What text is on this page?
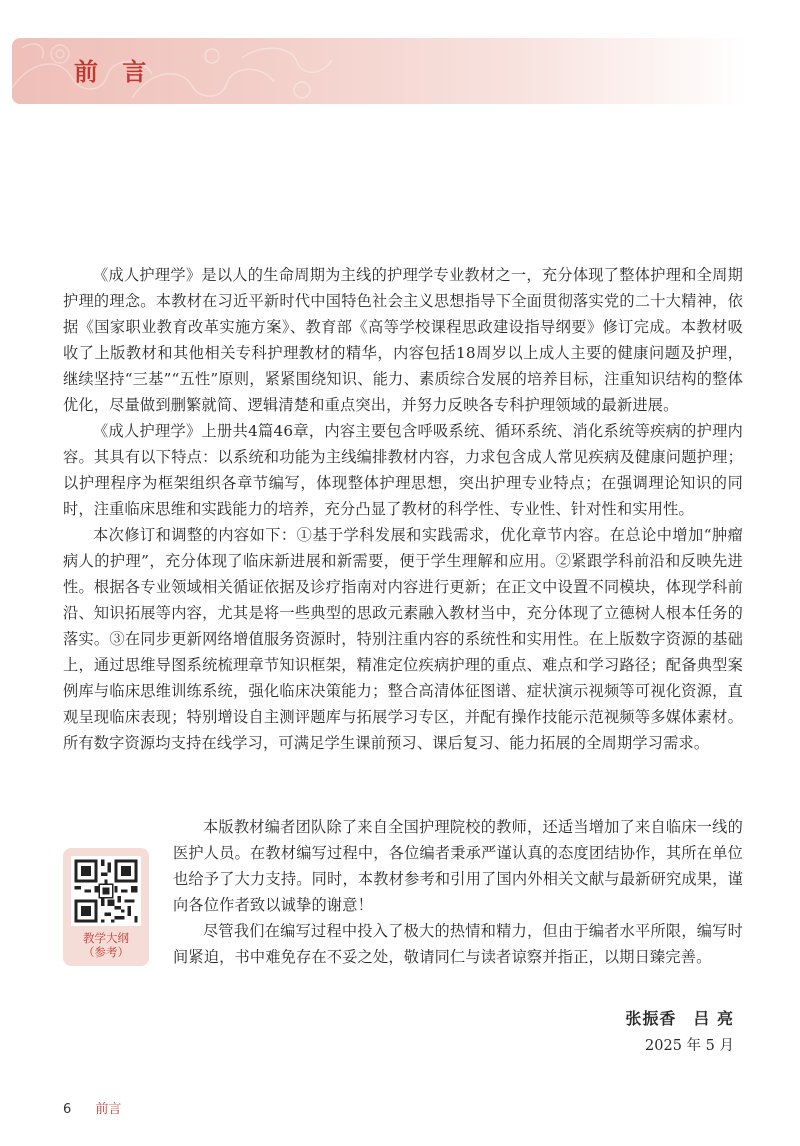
前 言

《成人护理学》是以人的生命周期为主线的护理学专业教材之一，充分体现了整体护理和全周期护理的理念。本教材在习近平新时代中国特色社会主义思想指导下全面贯彻落实党的二十大精神，依据《国家职业教育改革实施方案》、教育部《高等学校课程思政建设指导纲要》修订完成。本教材吸收了上版教材和其他相关专科护理教材的精华，内容包括18周岁以上成人主要的健康问题及护理，继续坚持“三基”“五性”原则，紧紧围绕知识、能力、素质综合发展的培养目标，注重知识结构的整体优化，尽量做到删繁就简、逻辑清楚和重点突出，并努力反映各专科护理领域的最新进展。

《成人护理学》上册共4篇46章，内容主要包含呼吸系统、循环系统、消化系统等疾病的护理内容。其具有以下特点：以系统和功能为主线编排教材内容，力求包含成人常见疾病及健康问题护理；以护理程序为框架组织各章节编写，体现整体护理思想，突出护理专业特点；在强调理论知识的同时，注重临床思维和实践能力的培养，充分凸显了教材的科学性、专业性、针对性和实用性。

本次修订和调整的内容如下：①基于学科发展和实践需求，优化章节内容。在总论中增加“肿瘤病人的护理”，充分体现了临床新进展和新需要，便于学生理解和应用。②紧跟学科前沿和反映先进性。根据各专业领域相关循证依据及诊疗指南对内容进行更新；在正文中设置不同模块，体现学科前沿、知识拓展等内容，尤其是将一些典型的思政元素融入教材当中，充分体现了立德树人根本任务的落实。③在同步更新网络增值服务资源时，特别注重内容的系统性和实用性。在上版数字资源的基础上，通过思维导图系统梳理章节知识框架，精准定位疾病护理的重点、难点和学习路径；配备典型案例库与临床思维训练系统，强化临床决策能力；整合高清体征图谱、症状演示视频等可视化资源，直观呈现临床表现；特别增设自主测评题库与拓展学习专区，并配有操作技能示范视频等多媒体素材。所有数字资源均支持在线学习，可满足学生课前预习、课后复习、能力拓展的全周期学习需求。

教学大纲
（参考）

本版教材编者团队除了来自全国护理院校的教师，还适当增加了来自临床一线的医护人员。在教材编写过程中，各位编者秉承严谨认真的态度团结协作，其所在单位也给予了大力支持。同时，本教材参考和引用了国内外相关文献与最新研究成果，谨向各位作者致以诚挚的谢意！

尽管我们在编写过程中投入了极大的热情和精力，但由于编者水平所限，编写时间紧迫，书中难免存在不妥之处，敬请同仁与读者谅察并指正，以期日臻完善。

张振香　吕 亮
2025 年 5 月
6 前言
